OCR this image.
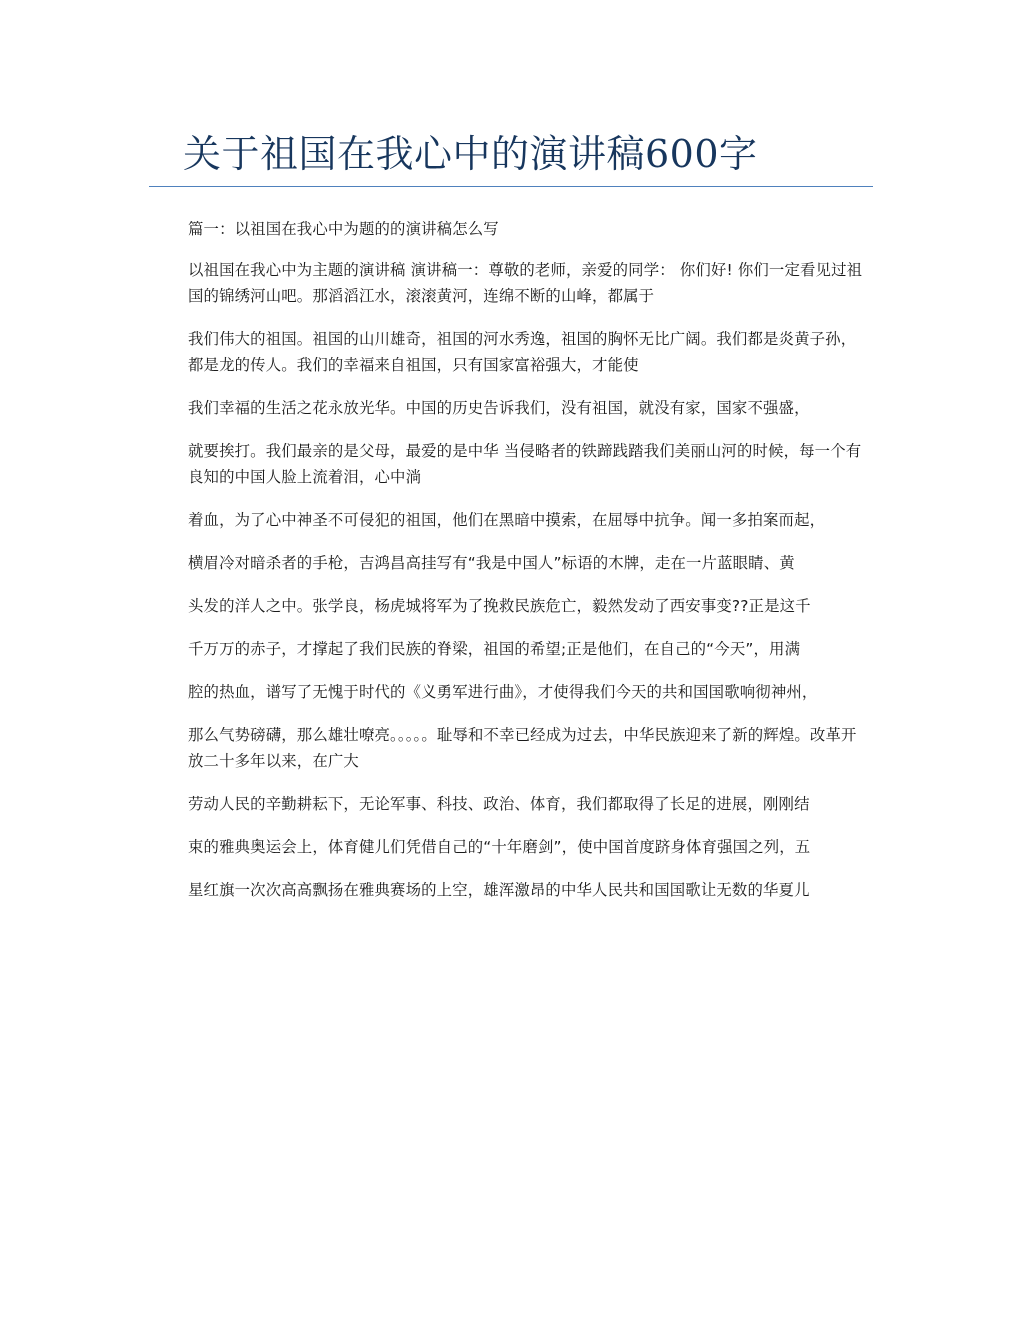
关于祖国在我心中的演讲稿600字

篇一：以祖国在我心中为题的的演讲稿怎么写

以祖国在我心中为主题的演讲稿 演讲稿一：尊敬的老师，亲爱的同学： 你们好! 你们一定看见过祖国的锦绣河山吧。那滔滔江水，滚滚黄河，连绵不断的山峰，都属于

我们伟大的祖国。祖国的山川雄奇，祖国的河水秀逸，祖国的胸怀无比广阔。我们都是炎黄子孙，都是龙的传人。我们的幸福来自祖国，只有国家富裕强大，才能使

我们幸福的生活之花永放光华。中国的历史告诉我们，没有祖国，就没有家，国家不强盛，

就要挨打。我们最亲的是父母，最爱的是中华 当侵略者的铁蹄践踏我们美丽山河的时候，每一个有良知的中国人脸上流着泪，心中淌

着血，为了心中神圣不可侵犯的祖国，他们在黑暗中摸索，在屈辱中抗争。闻一多拍案而起，

横眉冷对暗杀者的手枪，吉鸿昌高挂写有“我是中国人”标语的木牌，走在一片蓝眼睛、黄

头发的洋人之中。张学良，杨虎城将军为了挽救民族危亡，毅然发动了西安事变??正是这千

千万万的赤子，才撑起了我们民族的脊梁，祖国的希望;正是他们，在自己的“今天”，用满

腔的热血，谱写了无愧于时代的《义勇军进行曲》，才使得我们今天的共和国国歌响彻神州，

那么气势磅礴，那么雄壮嘹亮。。。。。耻辱和不幸已经成为过去，中华民族迎来了新的辉煌。改革开放二十多年以来，在广大

劳动人民的辛勤耕耘下，无论军事、科技、政治、体育，我们都取得了长足的进展，刚刚结

束的雅典奥运会上，体育健儿们凭借自己的“十年磨剑”，使中国首度跻身体育强国之列，五

星红旗一次次高高飘扬在雅典赛场的上空，雄浑激昂的中华人民共和国国歌让无数的华夏儿
